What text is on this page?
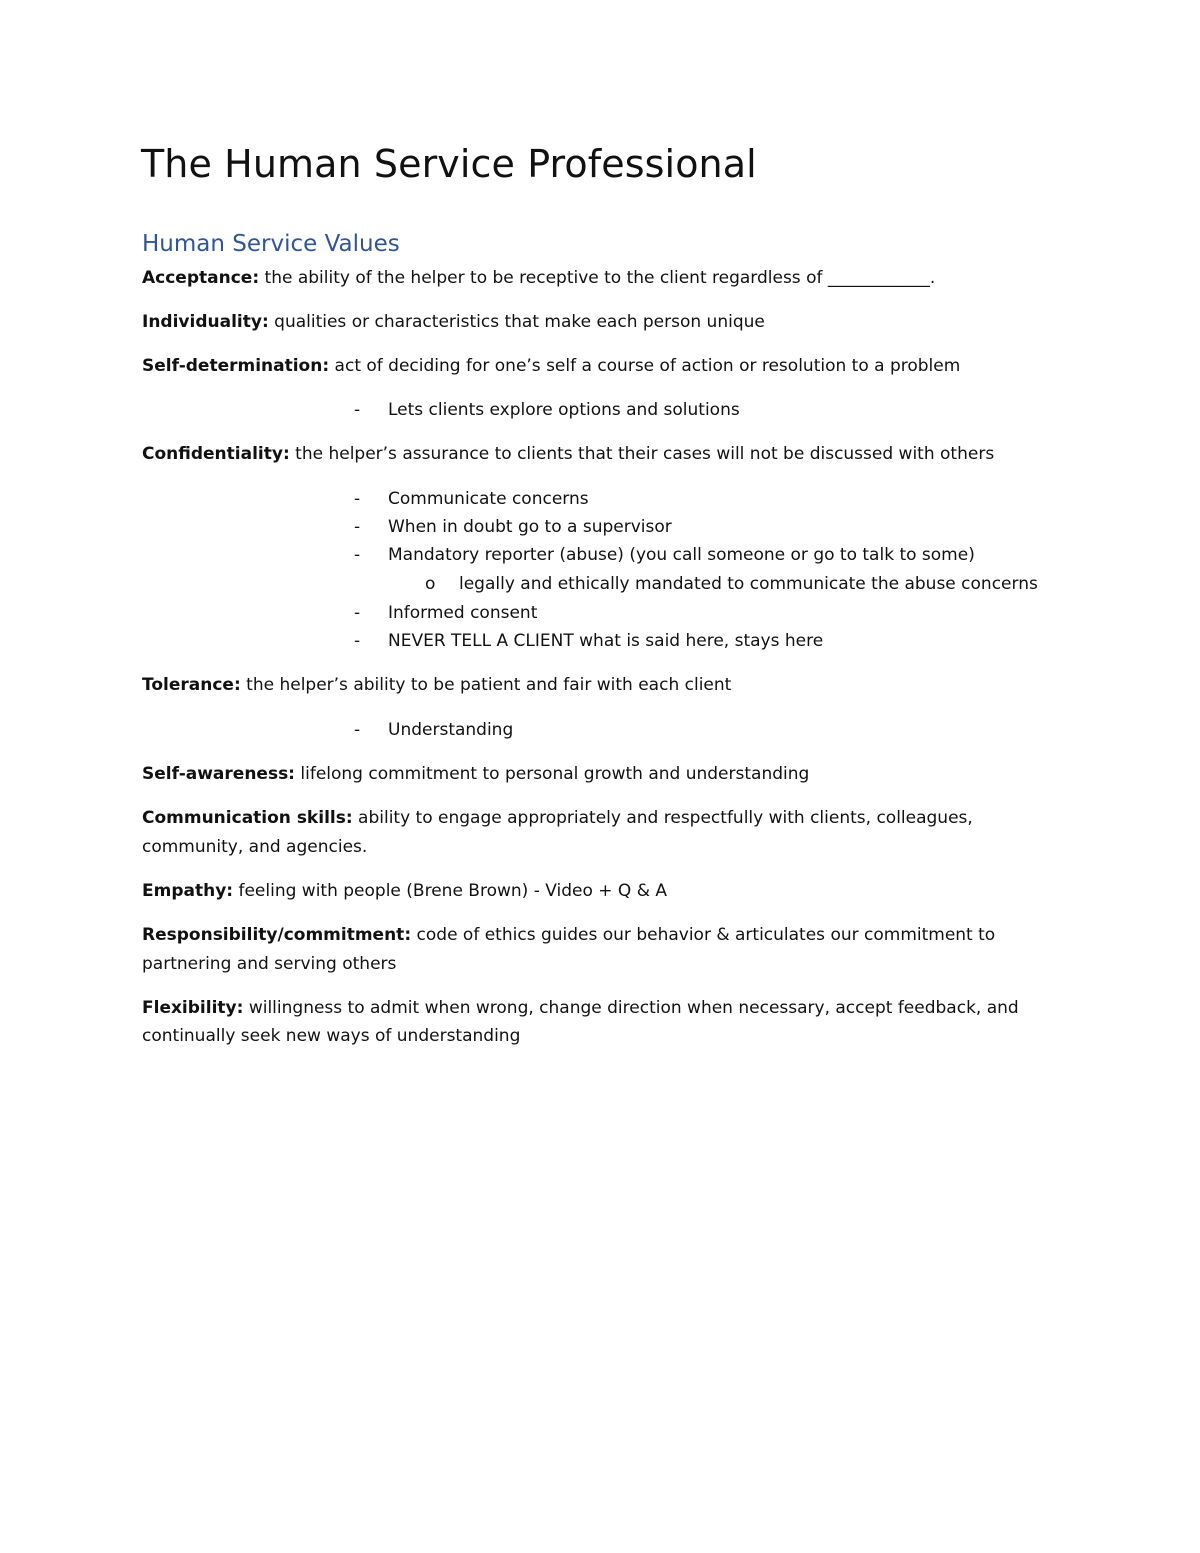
The Human Service Professional
Human Service Values

Acceptance: the ability of the helper to be receptive to the client regardless of ____________.

Individuality: qualities or characteristics that make each person unique

Self-determination: act of deciding for one’s self a course of action or resolution to a problem

- Lets clients explore options and solutions

Confidentiality: the helper’s assurance to clients that their cases will not be discussed with others

- Communicate concerns

- When in doubt go to a supervisor

- Mandatory reporter (abuse) (you call someone or go to talk to some)

o legally and ethically mandated to communicate the abuse concerns

- Informed consent

- NEVER TELL A CLIENT what is said here, stays here

Tolerance: the helper’s ability to be patient and fair with each client

- Understanding

Self-awareness: lifelong commitment to personal growth and understanding

Communication skills: ability to engage appropriately and respectfully with clients, colleagues,

community, and agencies.

Empathy: feeling with people (Brene Brown) - Video + Q & A

Responsibility/commitment: code of ethics guides our behavior & articulates our commitment to

partnering and serving others

Flexibility: willingness to admit when wrong, change direction when necessary, accept feedback, and

continually seek new ways of understanding
